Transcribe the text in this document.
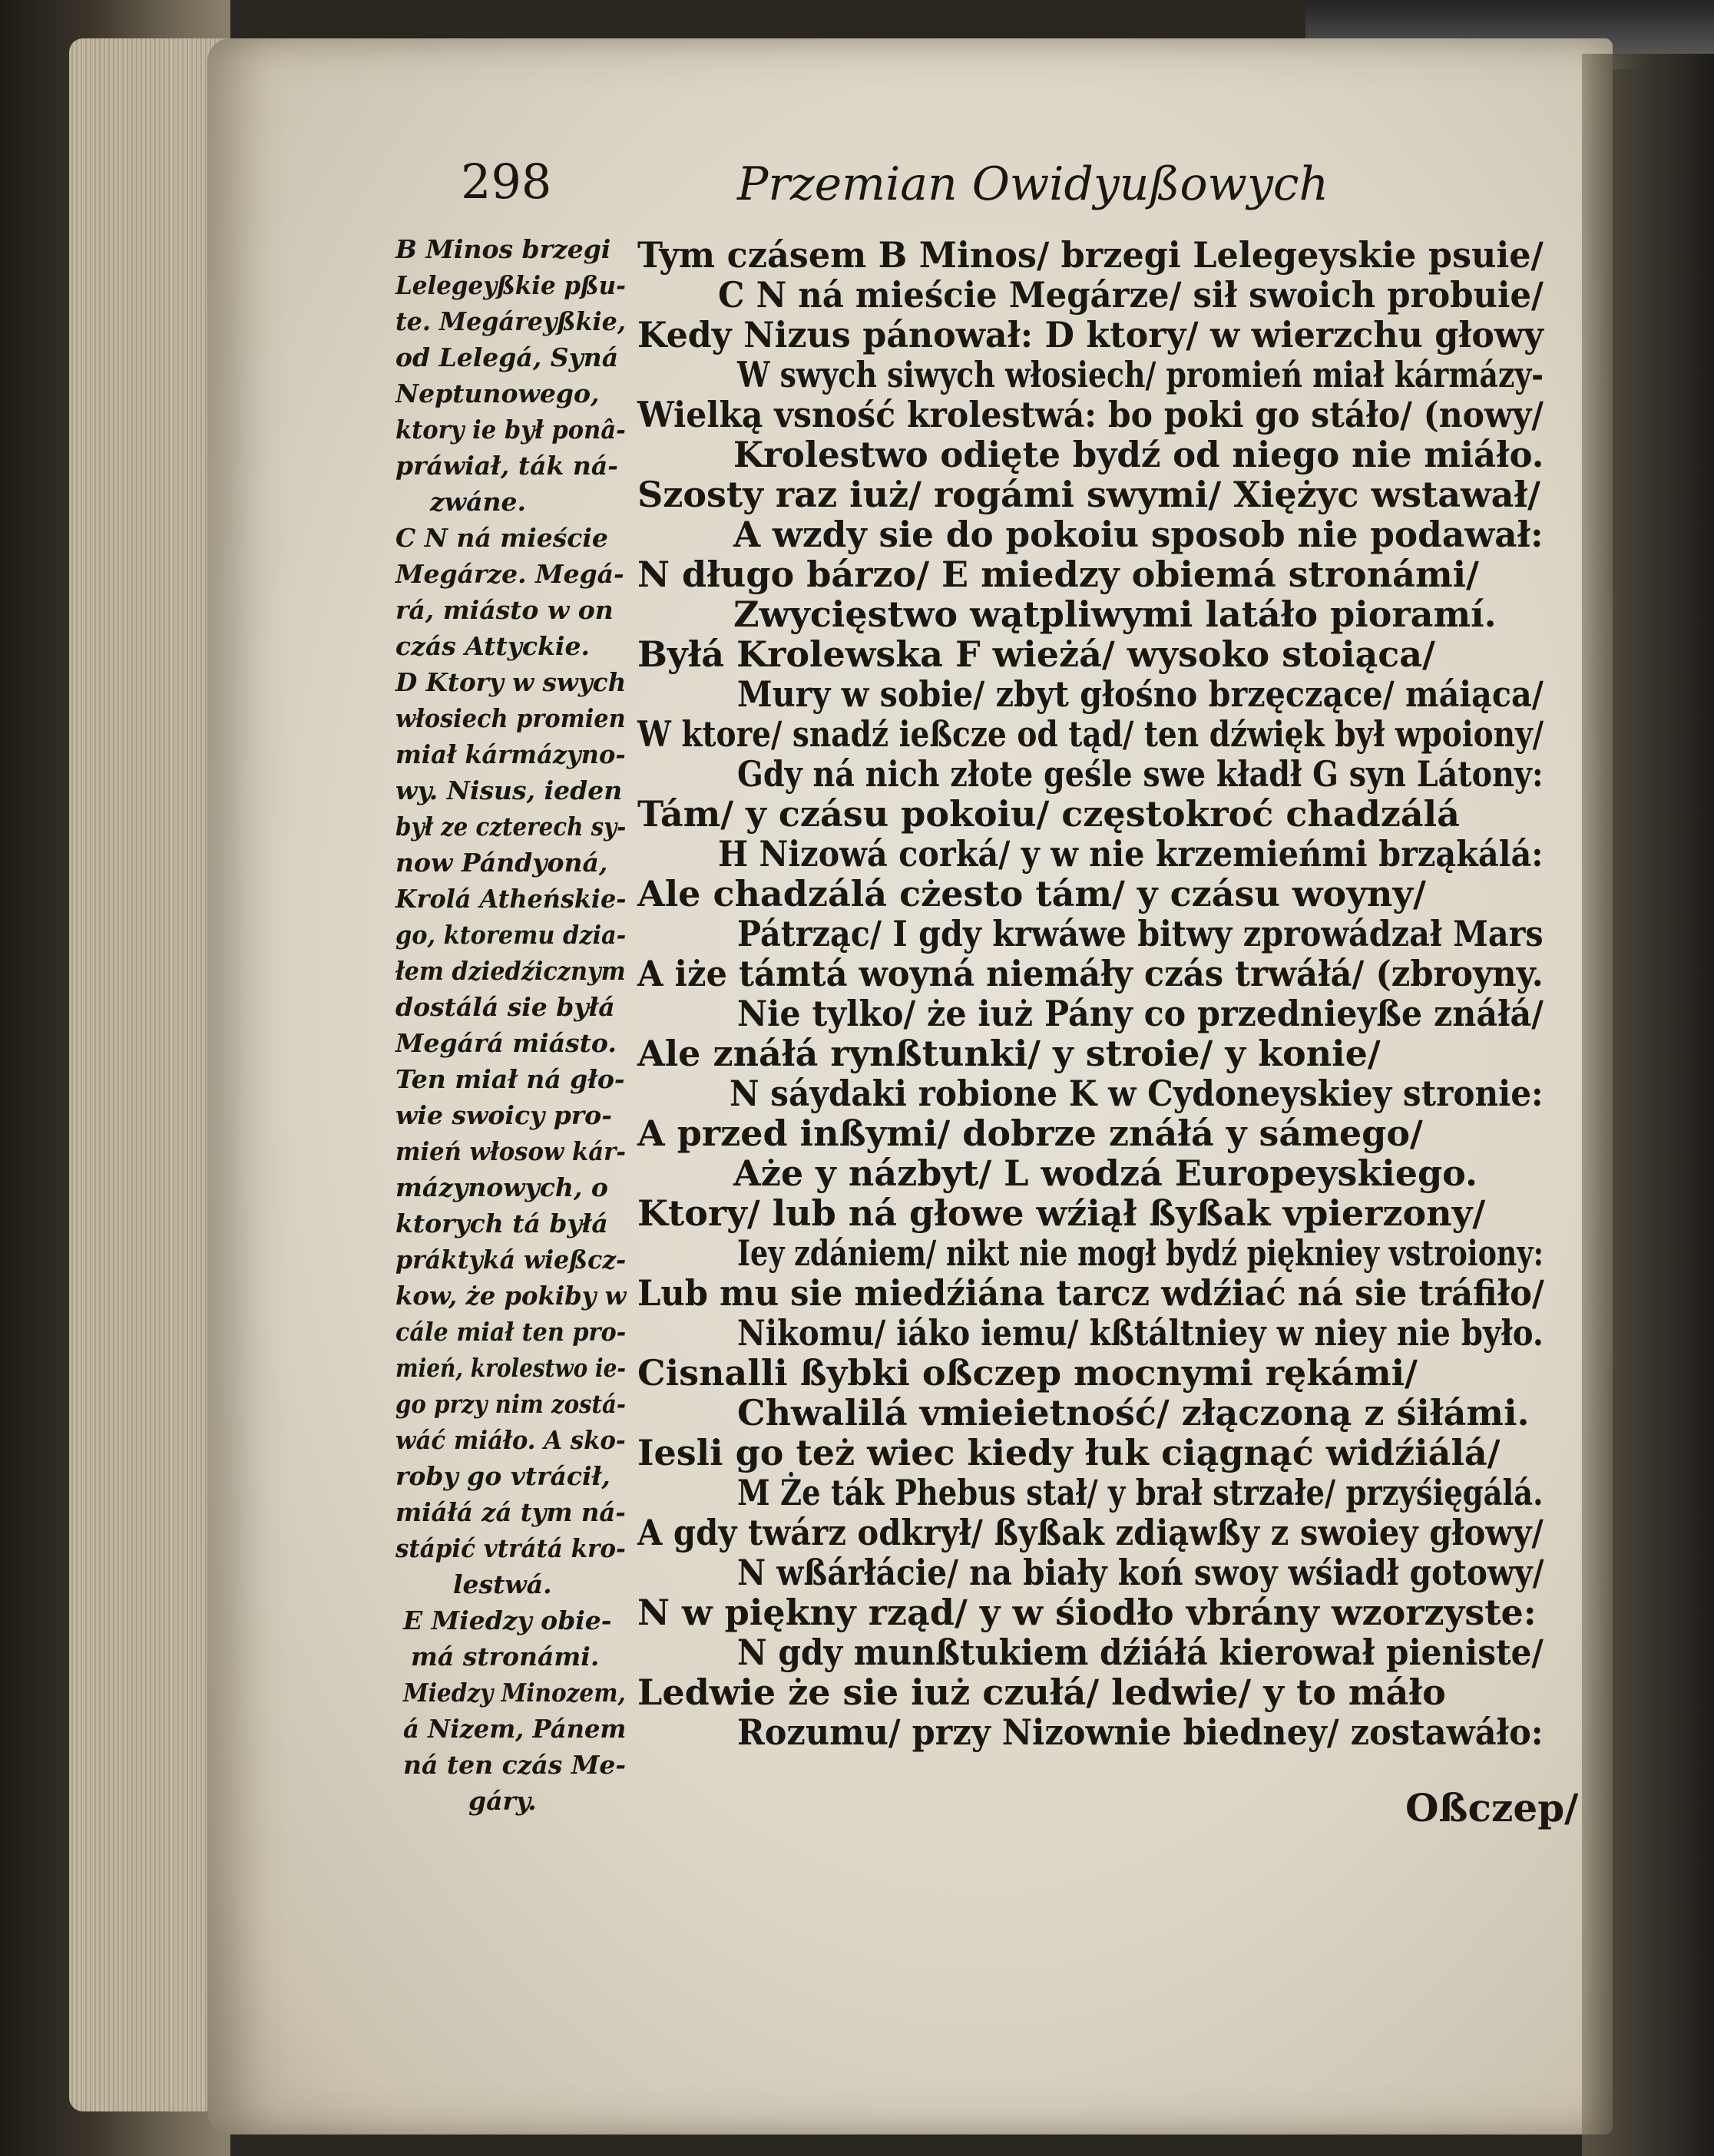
298	Przemian Owidyußowych
B Minos brzegi
Lelegeyßkie pßu-
te. Megáreyßkie,
od Lelegá, Syná
Neptunowego,
ktory ie był ponâ-
práwiał, ták ná-
zwáne.
C N ná mieście
Megárze. Megá-
rá, miásto w on
czás Attyckie.
D Ktory w swych
włosiech promien
miał kármázyno-
wy. Nisus, ieden
był ze czterech sy-
now Pándyoná,
Krolá Atheńskie-
go, ktoremu dzia-
łem dziedźicznym
dostálá sie byłá
Megárá miásto.
Ten miał ná gło-
wie swoicy pro-
mień włosow kár-
mázynowych, o
ktorych tá byłá
práktyká wießcz-
kow, że pokiby w
cále miał ten pro-
mień, krolestwo ie-
go przy nim zostá-
wáć miáło. A sko-
roby go vtrácił,
miáłá zá tym ná-
stápić vtrátá kro-
lestwá.
E Miedzy obie-
má stronámi.
Miedzy Minozem,
á Nizem, Pánem
ná ten czás Me-
gáry.
Tym czásem B Minos/ brzegi Lelegeyskie psuie/
C N ná mieście Megárze/ sił swoich probuie/
Kedy Nizus pánował: D ktory/ w wierzchu głowy
W swych siwych włosiech/ promień miał kármázy-
Wielką vsność krolestwá: bo poki go stáło/ (nowy/
Krolestwo odięte bydź od niego nie miáło.
Szosty raz iuż/ rogámi swymi/ Xiężyc wstawał/
A wzdy sie do pokoiu sposob nie podawał:
N długo bárzo/ E miedzy obiemá stronámi/
Zwycięstwo wątpliwymi latáło pioramí.
Byłá Krolewska F wieżá/ wysoko stoiąca/
Mury w sobie/ zbyt głośno brzęczące/ máiąca/
W ktore/ snadź ießcze od tąd/ ten dźwięk był wpoiony/
Gdy ná nich złote geśle swe kładł G syn Látony:
Tám/ y czásu pokoiu/ częstokroć chadzálá
H Nizowá corká/ y w nie krzemieńmi brząkálá:
Ale chadzálá cżesto tám/ y czásu woyny/
Pátrząc/ I gdy krwáwe bitwy zprowádzał Mars
A iże támtá woyná niemáły czás trwáłá/ (zbroyny.
Nie tylko/ że iuż Pány co przednieyße znáłá/
Ale znáłá rynßtunki/ y stroie/ y konie/
N sáydaki robione K w Cydoneyskiey stronie:
A przed inßymi/ dobrze znáłá y sámego/
Aże y názbyt/ L wodzá Europeyskiego.
Ktory/ lub ná głowe wźiął ßyßak vpierzony/
Iey zdániem/ nikt nie mogł bydź piękniey vstroiony:
Lub mu sie miedźiána tarcz wdźiać ná sie tráfiło/
Nikomu/ iáko iemu/ kßtáltniey w niey nie było.
Cisnalli ßybki oßczep mocnymi rękámi/
Chwalilá vmieietność/ złączoną z śiłámi.
Iesli go też wiec kiedy łuk ciągnąć widźiálá/
M Że ták Phebus stał/ y brał strzałe/ przyśięgálá.
A gdy twárz odkrył/ ßyßak zdiąwßy z swoiey głowy/
N wßárłácie/ na biały koń swoy wśiadł gotowy/
N w piękny rząd/ y w śiodło vbrány wzorzyste:
N gdy munßtukiem dźiáłá kierował pieniste/
Ledwie że sie iuż czułá/ ledwie/ y to máło
Rozumu/ przy Nizownie biedney/ zostawáło:
Oßczep/
